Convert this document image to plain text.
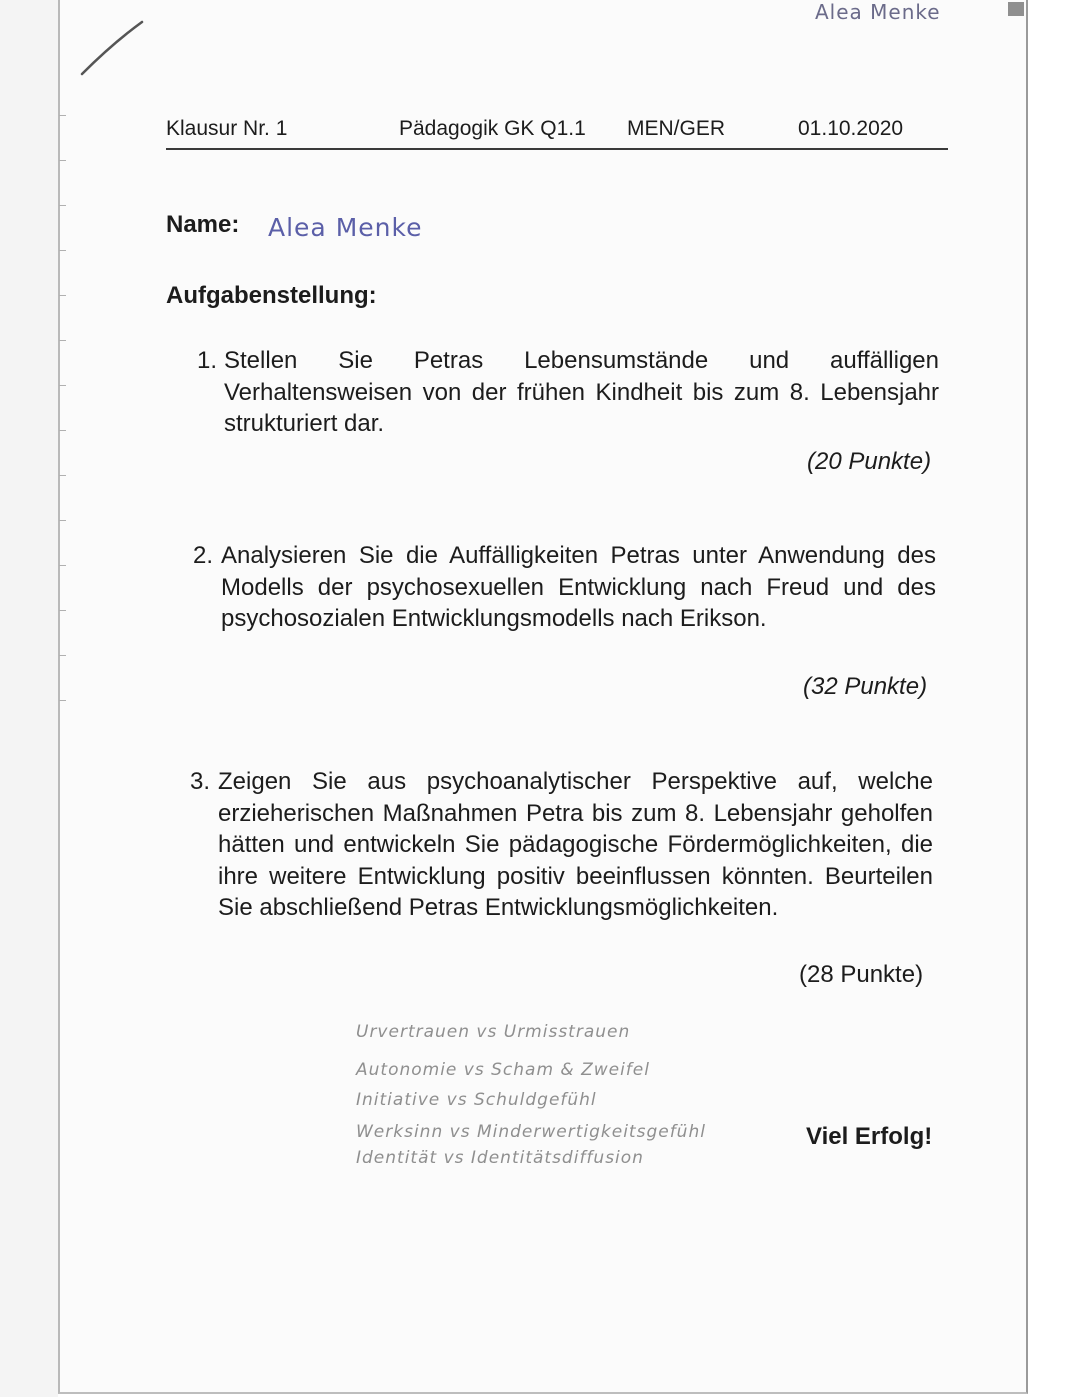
Alea Menke
Klausur Nr. 1	Pädagogik GK Q1.1 MEN/GER	01.10.2020
Name: Alea Menke
Aufgabenstellung:
1. Stellen Sie Petras Lebensumstände und auffälligen Verhaltensweisen von der frühen Kindheit bis zum 8. Lebensjahr strukturiert dar.
(20 Punkte)
2. Analysieren Sie die Auffälligkeiten Petras unter Anwendung des Modells der psychosexuellen Entwicklung nach Freud und des psychosozialen Entwicklungsmodells nach Erikson.
(32 Punkte)
3. Zeigen Sie aus psychoanalytischer Perspektive auf, welche erzieherischen Maßnahmen Petra bis zum 8. Lebensjahr geholfen hätten und entwickeln Sie pädagogische Fördermöglichkeiten, die ihre weitere Entwicklung positiv beeinflussen könnten. Beurteilen Sie abschließend Petras Entwicklungsmöglichkeiten.
(28 Punkte)
Urvertrauen vs Urmisstrauen
Autonomie vs Scham & Zweifel
Initiative vs Schuldgefühl
Werksinn vs Minderwertigkeitsgefühl
Identität vs Identitätsdiffusion
Viel Erfolg!
